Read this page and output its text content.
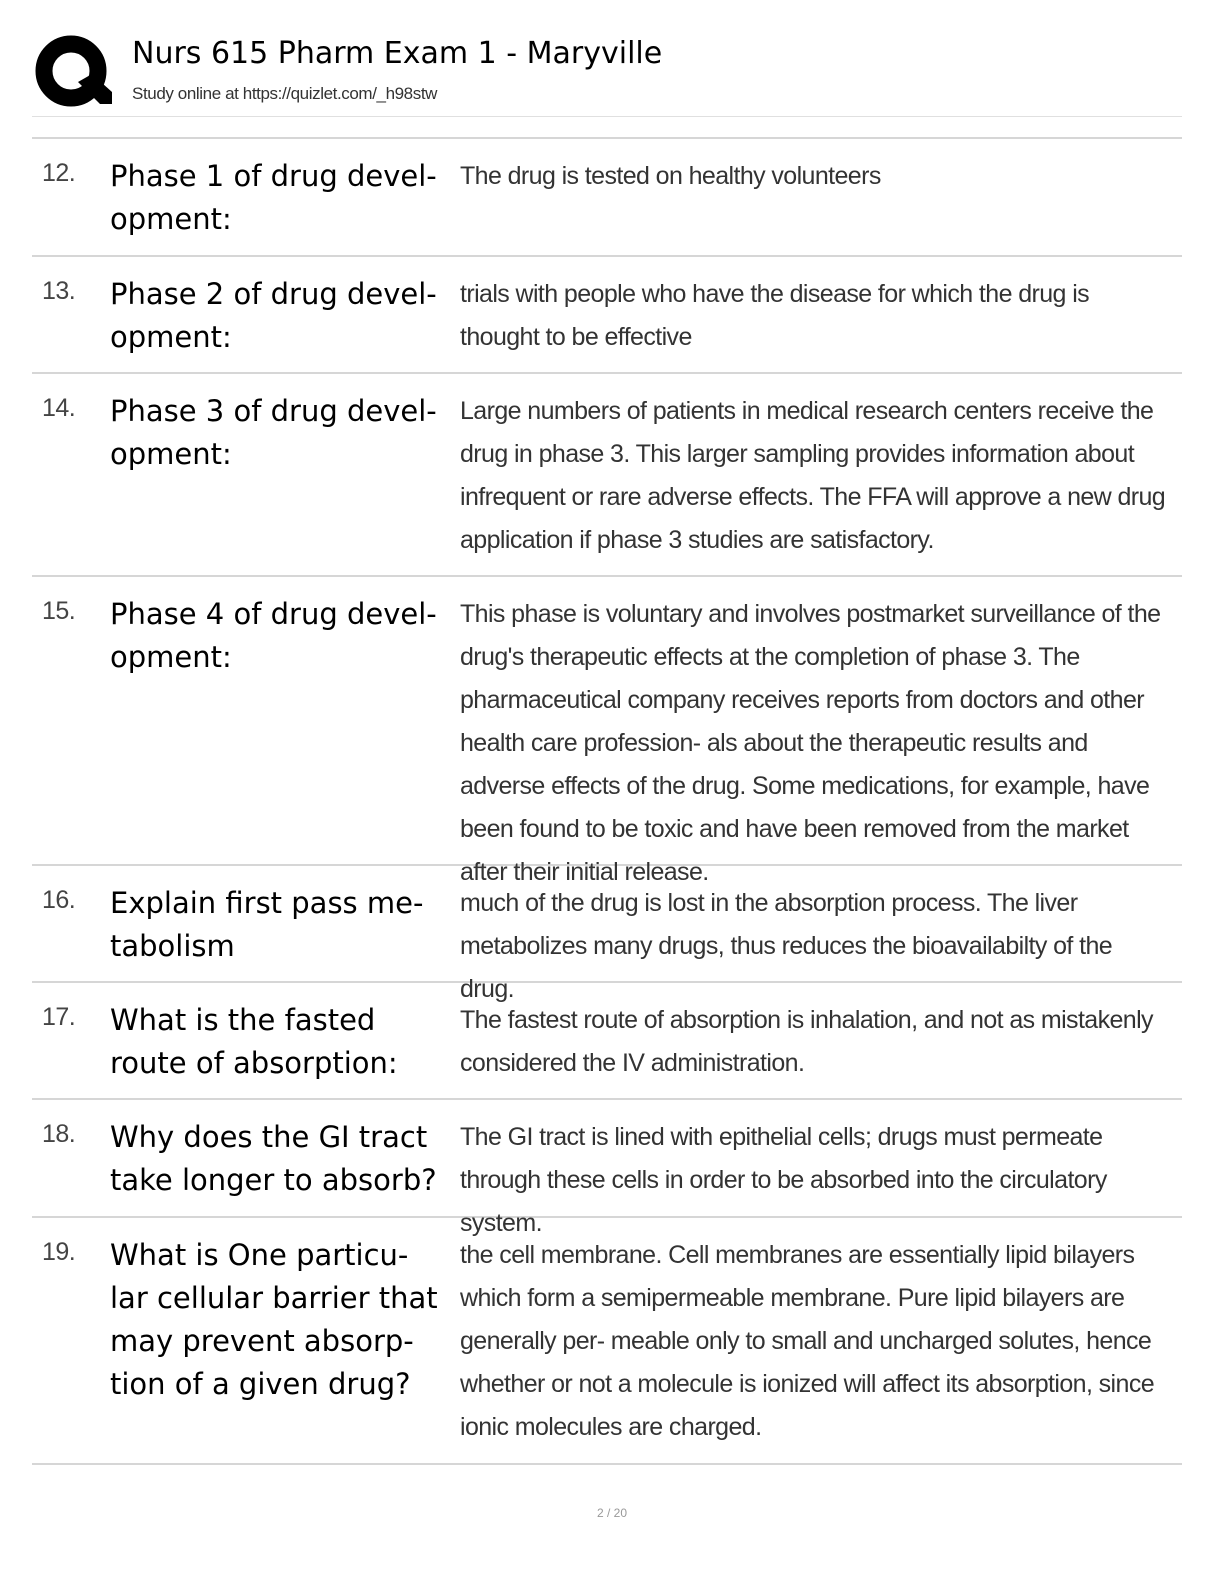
Nurs 615 Pharm Exam 1 - Maryville
Study online at https://quizlet.com/_h98stw
12. Phase 1 of drug devel- opment:
The drug is tested on healthy volunteers
13. Phase 2 of drug devel- opment:
trials with people who have the disease for which the drug is thought to be effective
14. Phase 3 of drug devel- opment:
Large numbers of patients in medical research centers receive the drug in phase 3. This larger sampling provides information about infrequent or rare adverse effects. The FFA will approve a new drug application if phase 3 studies are satisfactory.
15. Phase 4 of drug devel- opment:
This phase is voluntary and involves postmarket surveillance of the drug's therapeutic effects at the completion of phase 3. The pharmaceutical company receives reports from doctors and other health care profession- als about the therapeutic results and adverse effects of the drug. Some medications, for example, have been found to be toxic and have been removed from the market after their initial release.
16. Explain first pass me- tabolism
much of the drug is lost in the absorption process. The liver metabolizes many drugs, thus reduces the bioavailabilty of the drug.
17. What is the fasted route of absorption:
The fastest route of absorption is inhalation, and not as mistakenly considered the IV administration.
18. Why does the GI tract take longer to absorb?
The GI tract is lined with epithelial cells; drugs must permeate through these cells in order to be absorbed into the circulatory system.
19. What is One particu- lar cellular barrier that may prevent absorp- tion of a given drug?
the cell membrane. Cell membranes are essentially lipid bilayers which form a semipermeable membrane. Pure lipid bilayers are generally per- meable only to small and uncharged solutes, hence whether or not a molecule is ionized will affect its absorption, since ionic molecules are charged.
2 / 20
